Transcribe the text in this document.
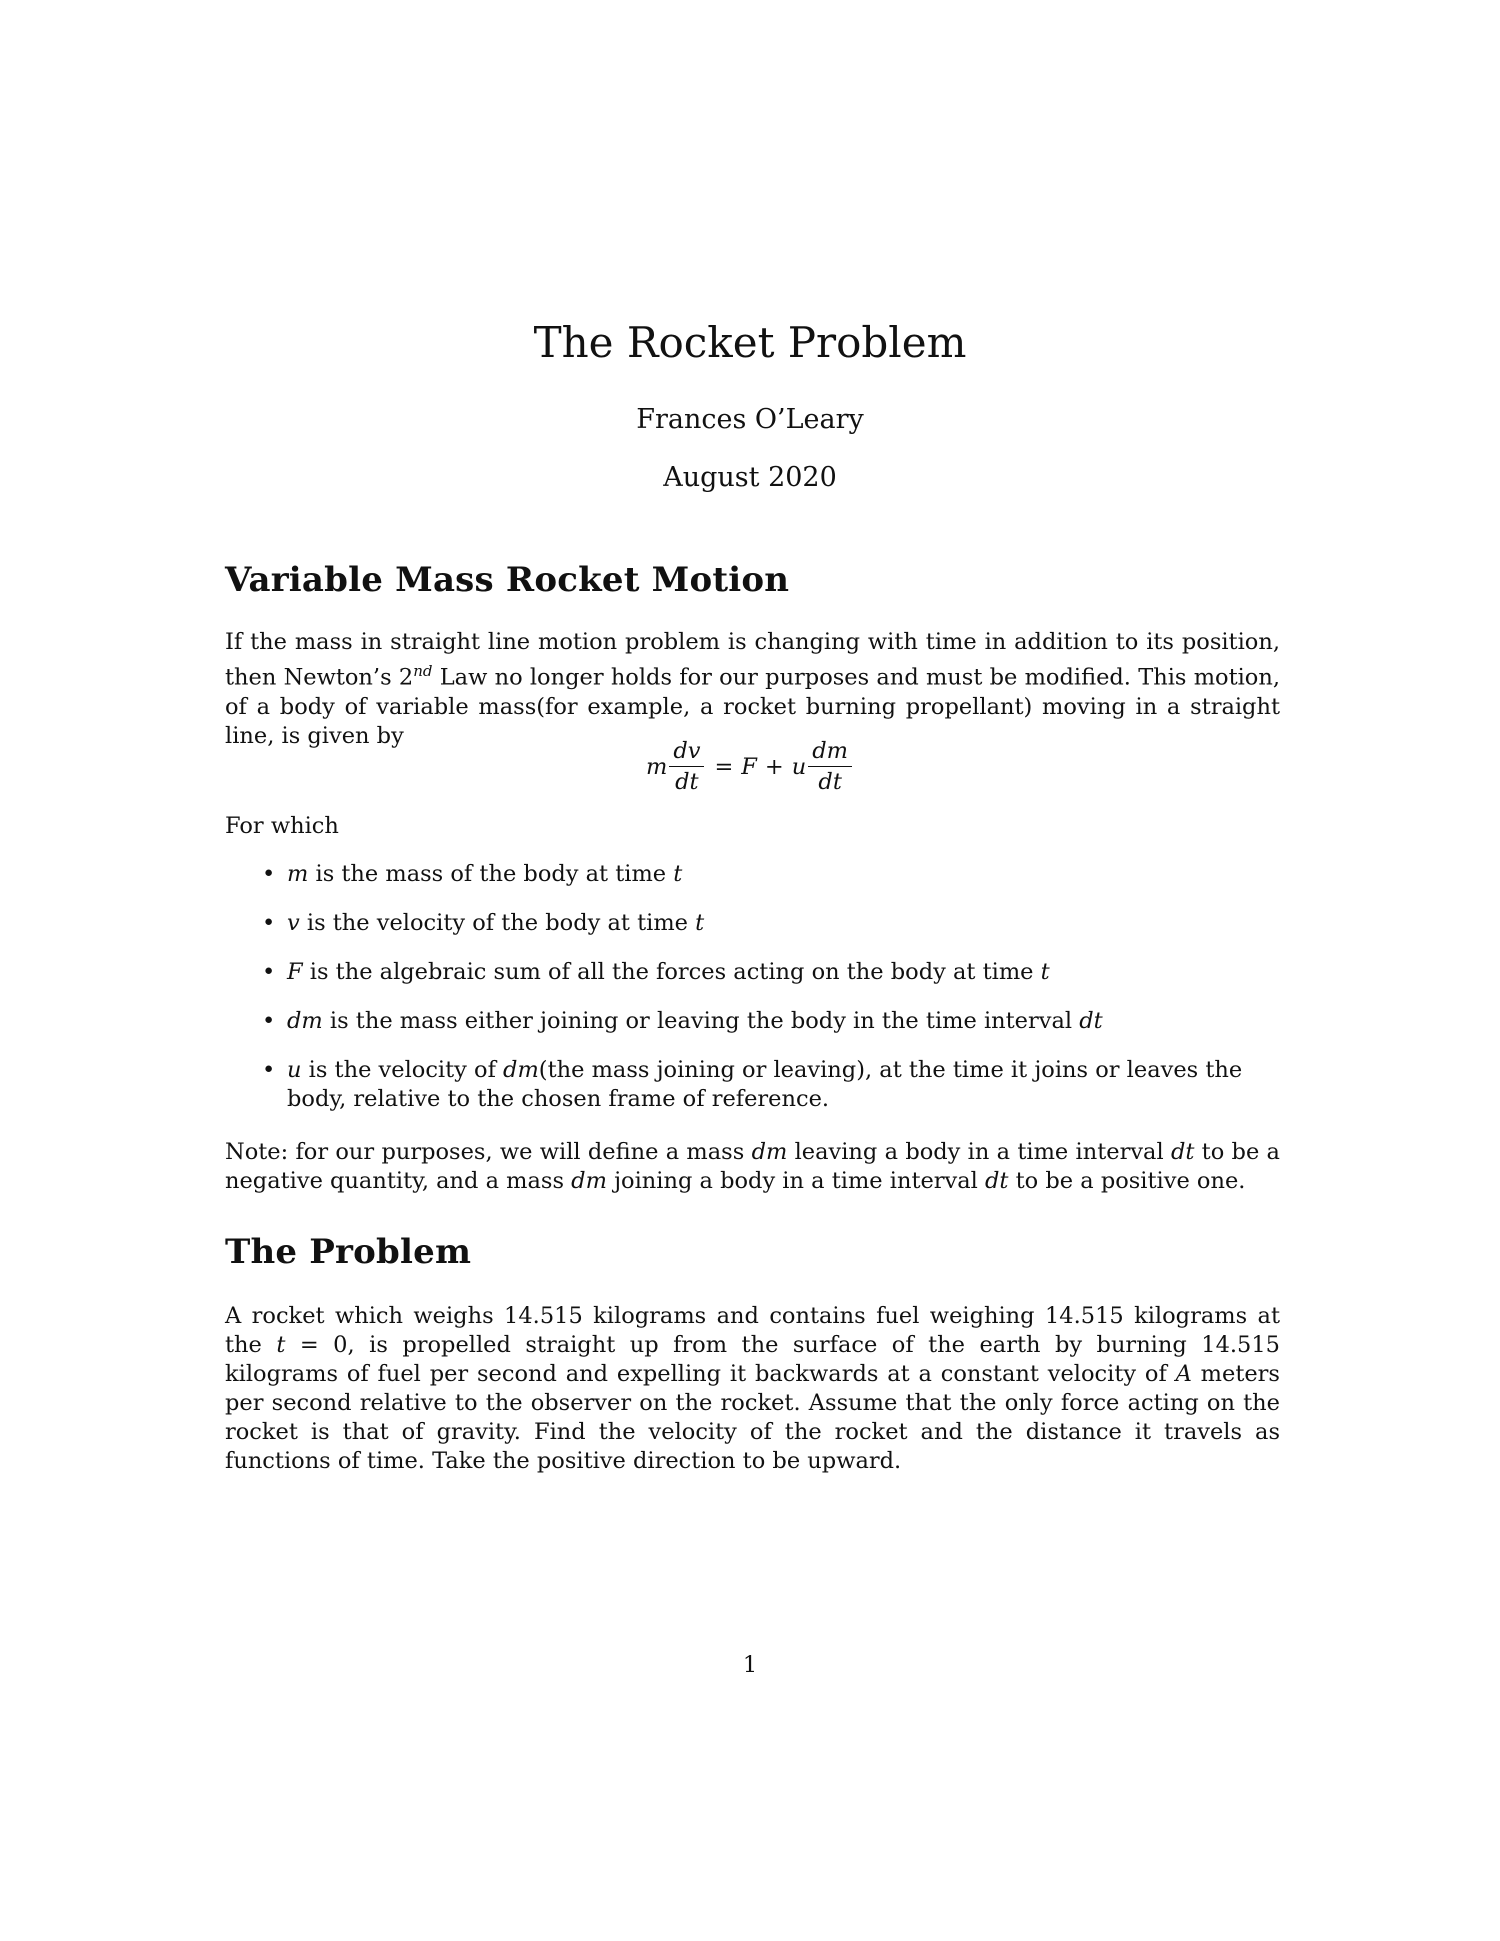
The Rocket Problem
Frances O’Leary
August 2020
Variable Mass Rocket Motion
If the mass in straight line motion problem is changing with time in addition to its position, then Newton’s 2nd Law no longer holds for our purposes and must be modified. This motion, of a body of variable mass(for example, a rocket burning propellant) moving in a straight line, is given by
m $\frac{dv}{dt} = F + u \frac{dm}{dt}$
For which
• m is the mass of the body at time t
• v is the velocity of the body at time t
• F is the algebraic sum of all the forces acting on the body at time t
• dm is the mass either joining or leaving the body in the time interval dt
• u is the velocity of dm(the mass joining or leaving), at the time it joins or leaves the body, relative to the chosen frame of reference.
Note: for our purposes, we will define a mass dm leaving a body in a time interval dt to be a negative quantity, and a mass dm joining a body in a time interval dt to be a positive one.
The Problem
A rocket which weighs 14.515 kilograms and contains fuel weighing 14.515 kilograms at the t = 0, is propelled straight up from the surface of the earth by burning 14.515 kilograms of fuel per second and expelling it backwards at a constant velocity of A meters per second relative to the observer on the rocket. Assume that the only force acting on the rocket is that of gravity. Find the velocity of the rocket and the distance it travels as functions of time. Take the positive direction to be upward.
1
